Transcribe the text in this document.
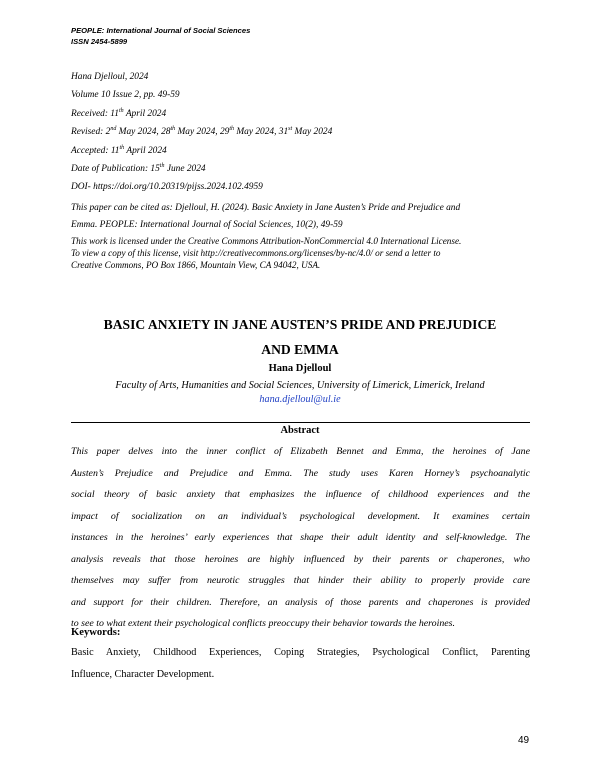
PEOPLE: International Journal of Social Sciences
ISSN 2454-5899
Hana Djelloul, 2024
Volume 10 Issue 2, pp. 49-59
Received: 11th April 2024
Revised: 2nd May 2024, 28th May 2024, 29th May 2024, 31st May 2024
Accepted: 11th April 2024
Date of Publication: 15th June 2024
DOI- https://doi.org/10.20319/pijss.2024.102.4959
This paper can be cited as: Djelloul, H. (2024). Basic Anxiety in Jane Austen’s Pride and Prejudice and
Emma. PEOPLE: International Journal of Social Sciences, 10(2), 49-59
This work is licensed under the Creative Commons Attribution-NonCommercial 4.0 International License.
To view a copy of this license, visit http://creativecommons.org/licenses/by-nc/4.0/ or send a letter to
Creative Commons, PO Box 1866, Mountain View, CA 94042, USA.
BASIC ANXIETY IN JANE AUSTEN’S PRIDE AND PREJUDICE
AND EMMA
Hana Djelloul
Faculty of Arts, Humanities and Social Sciences, University of Limerick, Limerick, Ireland
hana.djelloul@ul.ie
Abstract
This paper delves into the inner conflict of Elizabeth Bennet and Emma, the heroines of Jane
Austen’s Prejudice and Prejudice and Emma. The study uses Karen Horney’s psychoanalytic
social theory of basic anxiety that emphasizes the influence of childhood experiences and the
impact of socialization on an individual’s psychological development. It examines certain
instances in the heroines’ early experiences that shape their adult identity and self-knowledge. The
analysis reveals that those heroines are highly influenced by their parents or chaperones, who
themselves may suffer from neurotic struggles that hinder their ability to properly provide care
and support for their children. Therefore, an analysis of those parents and chaperones is provided
to see to what extent their psychological conflicts preoccupy their behavior towards the heroines.
Keywords:
Basic Anxiety, Childhood Experiences, Coping Strategies, Psychological Conflict, Parenting
Influence, Character Development.
49
